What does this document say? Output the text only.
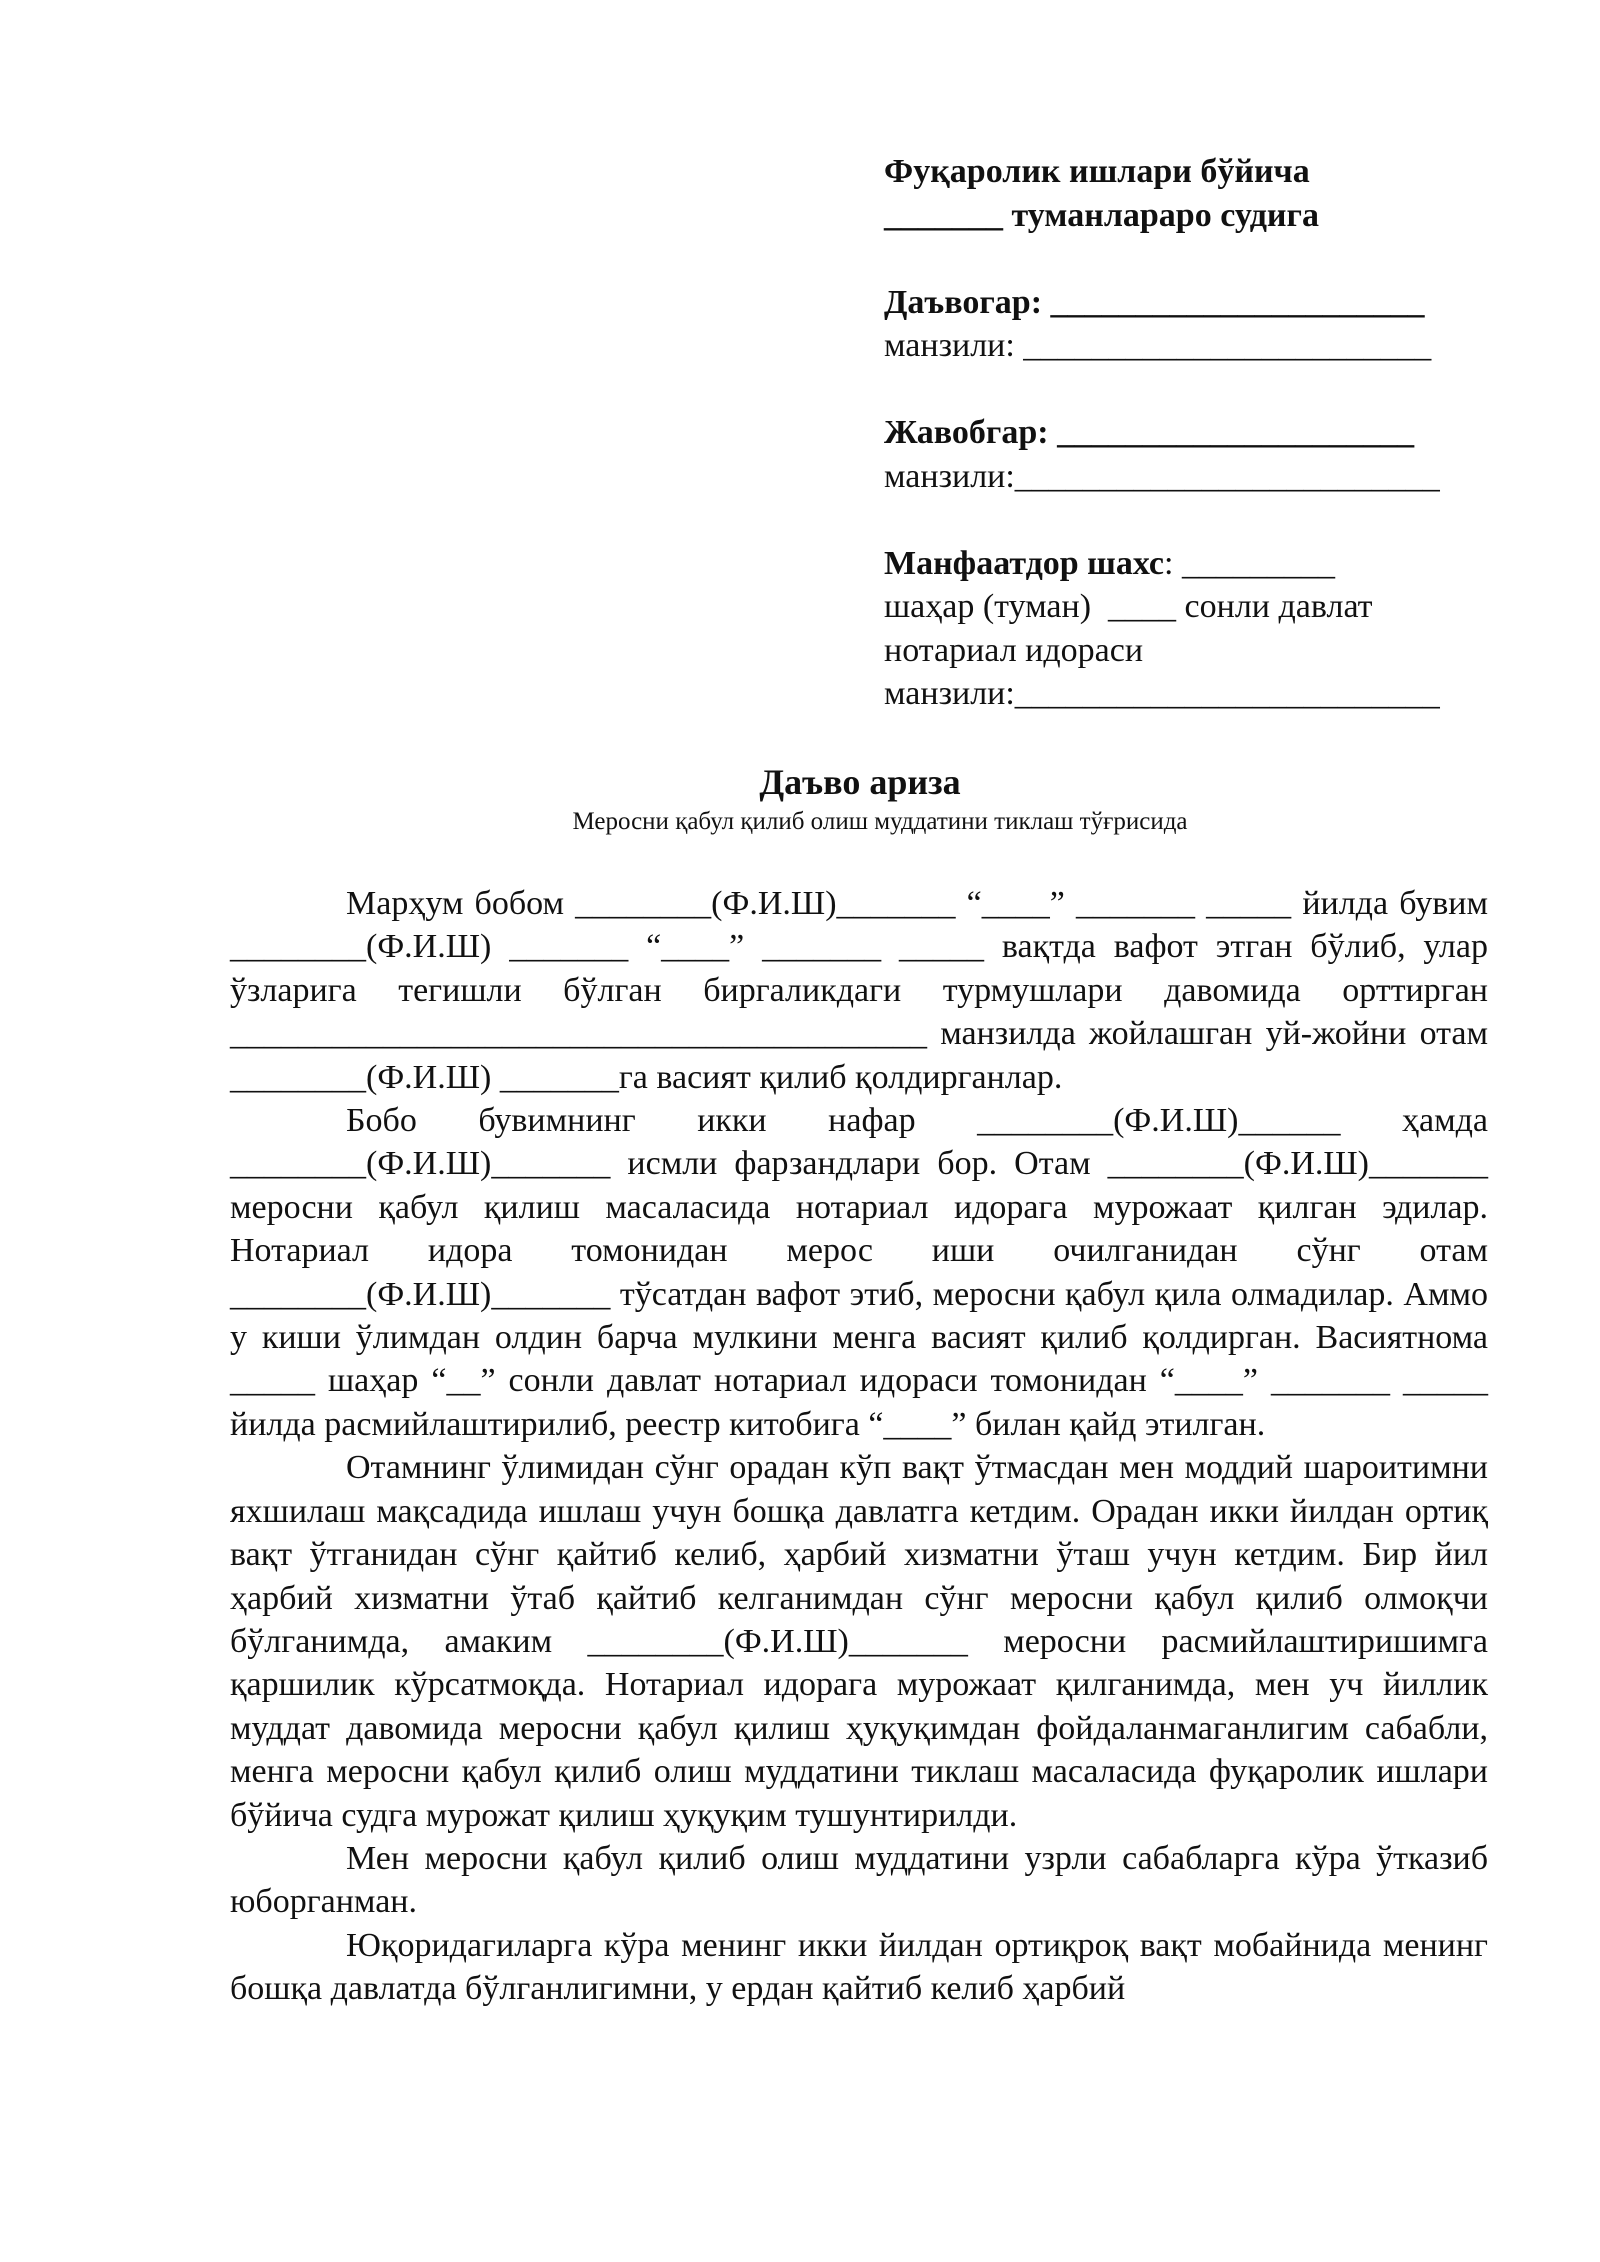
Фуқаролик ишлари бўйича
_______ туманлараро судига
Даъвогар: ______________________
манзили: ________________________
Жавобгар: _____________________
манзили:_________________________
Манфаатдор шахс: _________
шаҳар (туман)  ____ сонли давлат
нотариал идораси
манзили:_________________________
Даъво ариза
Меросни қабул қилиб олиш муддатини тиклаш тўғрисида

Марҳум бобом ________(Ф.И.Ш)_______ “____” _______ _____ йилда бувим ________(Ф.И.Ш) _______ “____” _______ _____ вақтда вафот этган бўлиб, улар ўзларига тегишли бўлган биргаликдаги турмушлари давомида орттирган _________________________________________ манзилда жойлашган уй-жойни отам ________(Ф.И.Ш) _______га васият қилиб қолдирганлар.

Бобо бувимнинг икки нафар ________(Ф.И.Ш)______ ҳамда ________(Ф.И.Ш)_______ исмли фарзандлари бор. Отам ________(Ф.И.Ш)_______ меросни қабул қилиш масаласида нотариал идорага мурожаат қилган эдилар. Нотариал идора томонидан мерос иши очилганидан сўнг отам ________(Ф.И.Ш)_______ тўсатдан вафот этиб, меросни қабул қила олмадилар. Аммо у киши ўлимдан олдин барча мулкини менга васият қилиб қолдирган. Васиятнома _____ шаҳар “__” сонли давлат нотариал идораси томонидан “____” _______ _____ йилда расмийлаштирилиб, реестр китобига “____” билан қайд этилган.

Отамнинг ўлимидан сўнг орадан кўп вақт ўтмасдан мен моддий шароитимни яхшилаш мақсадида ишлаш учун бошқа давлатга кетдим. Орадан икки йилдан ортиқ вақт ўтганидан сўнг қайтиб келиб, ҳарбий хизматни ўташ учун кетдим. Бир йил ҳарбий хизматни ўтаб қайтиб келганимдан сўнг меросни қабул қилиб олмоқчи бўлганимда, амаким ________(Ф.И.Ш)_______ меросни расмийлаштиришимга қаршилик кўрсатмоқда. Нотариал идорага мурожаат қилганимда, мен уч йиллик муддат давомида меросни қабул қилиш ҳуқуқимдан фойдаланмаганлигим сабабли, менга меросни қабул қилиб олиш муддатини тиклаш масаласида фуқаролик ишлари бўйича судга мурожат қилиш ҳуқуқим тушунтирилди.

Мен меросни қабул қилиб олиш муддатини узрли сабабларга кўра ўтказиб юборганман.

Юқоридагиларга кўра менинг икки йилдан ортиқроқ вақт мобайнида менинг бошқа давлатда бўлганлигимни, у ердан қайтиб келиб ҳарбий
